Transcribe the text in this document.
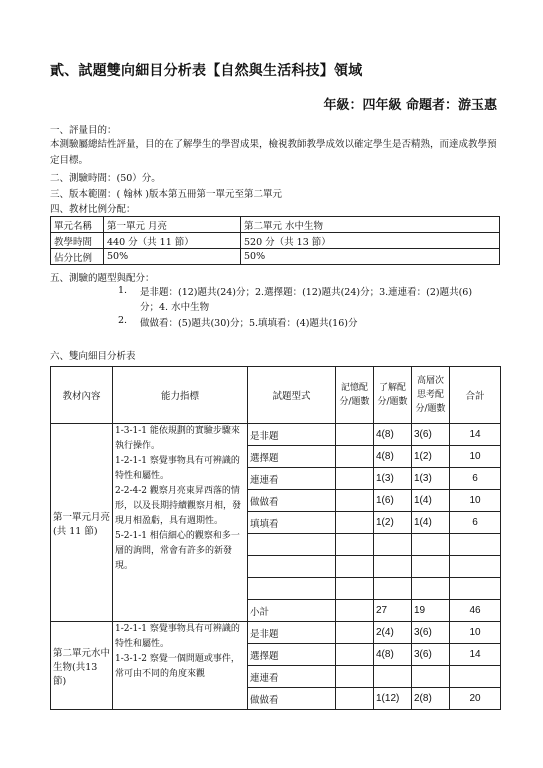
貳、試題雙向細目分析表【自然與生活科技】領域
年級：四年級 命題者：游玉惠
一、評量目的：
本測驗屬總結性評量，目的在了解學生的學習成果，檢視教師教學成效以確定學生是否精熟，而達成教學預定目標。
二、測驗時間：(50）分。
三、版本範圍：( 翰林 )版本第五冊第一單元至第二單元
四、教材比例分配：
單元名稱	第一單元 月亮	第二單元 水中生物
教學時間	440 分（共 11 節）	520 分（共 13 節）
佔分比例	50%	50%
五、測驗的題型與配分：
1. 是非題：(12)題共(24)分；2.選擇題：(12)題共(24)分；3.連連看：(2)題共(6)分；4. 水中生物
2. 做做看：(5)題共(30)分；5.填填看：(4)題共(16)分
六、雙向細目分析表
教材內容	能力指標	試題型式	記憶配分/題數	了解配分/題數	高層次思考配分/題數	合計
第一單元月亮(共 11 節)	1-3-1-1 能依規劃的實驗步驟來執行操作。
1-2-1-1 察覺事物具有可辨識的特性和屬性。
2-2-4-2 觀察月亮東昇西落的情形，以及長期持續觀察月相，發現月相盈虧，具有週期性。
5-2-1-1 相信細心的觀察和多一層的詢問，常會有許多的新發現。	是非題		4(8)	3(6)	14
		選擇題		4(8)	1(2)	10
		連連看		1(3)	1(3)	6
		做做看		1(6)	1(4)	10
		填填看		1(2)	1(4)	6

		小計		27	19	46
第二單元水中生物(共13 節)	1-2-1-1 察覺事物具有可辨識的特性和屬性。
1-3-1-2 察覺一個問題或事件，常可由不同的角度來觀	是非題		2(4)	3(6)	10
		選擇題		4(8)	3(6)	14
		連連看				
		做做看		1(12)	2(8)	20
